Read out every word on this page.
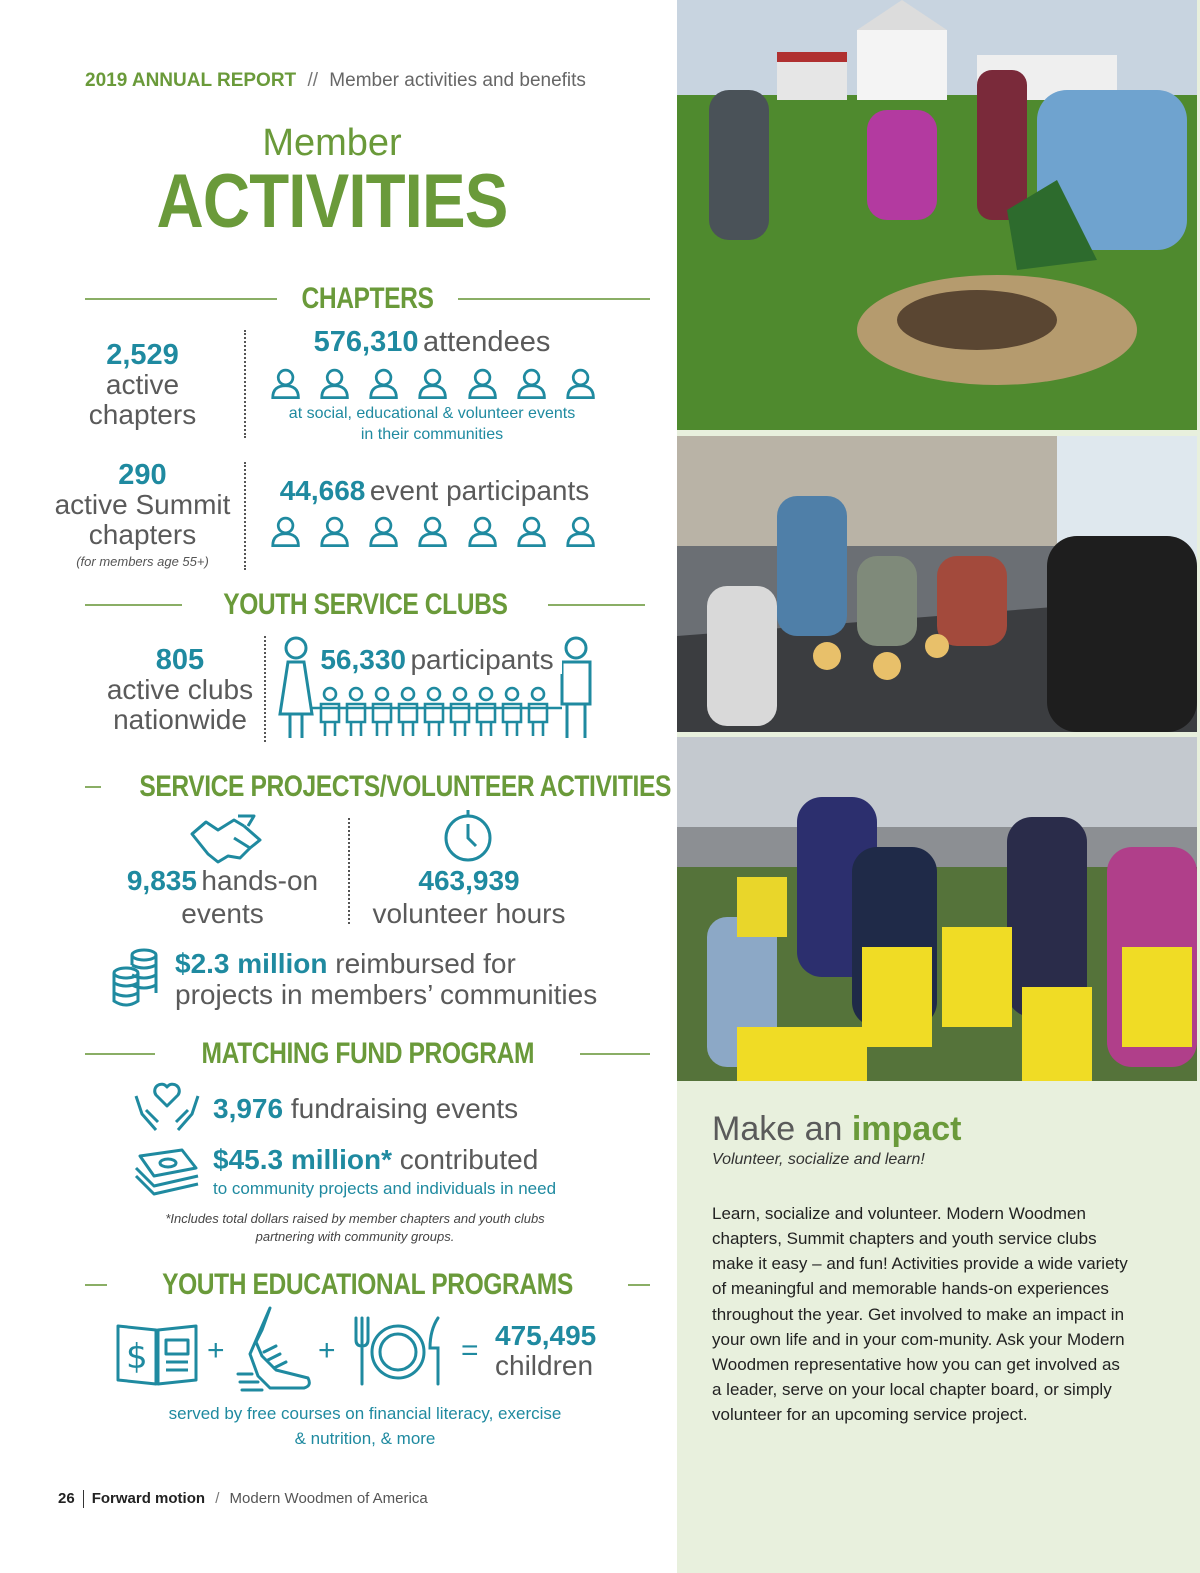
2019 ANNUAL REPORT // Member activities and benefits
Member
ACTIVITIES
CHAPTERS
2,529
active
chapters
576,310 attendees
at social, educational & volunteer events
in their communities
290
active Summit
chapters
(for members age 55+)
44,668 event participants
YOUTH SERVICE CLUBS
805
active clubs
nationwide
56,330 participants
SERVICE PROJECTS/VOLUNTEER ACTIVITIES
9,835 hands-on
events
463,939
volunteer hours
$2.3 million reimbursed for
projects in members’ communities
MATCHING FUND PROGRAM
3,976 fundraising events
$45.3 million* contributed
to community projects and individuals in need
*Includes total dollars raised by member chapters and youth clubs
partnering with community groups.
YOUTH EDUCATIONAL PROGRAMS
$ +	+	= 475,495
children
served by free courses on financial literacy, exercise
& nutrition, & more
26 Forward motion / Modern Woodmen of America
Make an impact
Volunteer, socialize and learn!
Learn, socialize and volunteer. Modern Woodmen chapters, Summit chapters and youth service clubs make it easy – and fun! Activities provide a wide variety of meaningful and memorable hands-on experiences throughout the year. Get involved to make an impact in your own life and in your com-munity. Ask your Modern Woodmen representative how you can get involved as a leader, serve on your local chapter board, or simply volunteer for an upcoming service project.
